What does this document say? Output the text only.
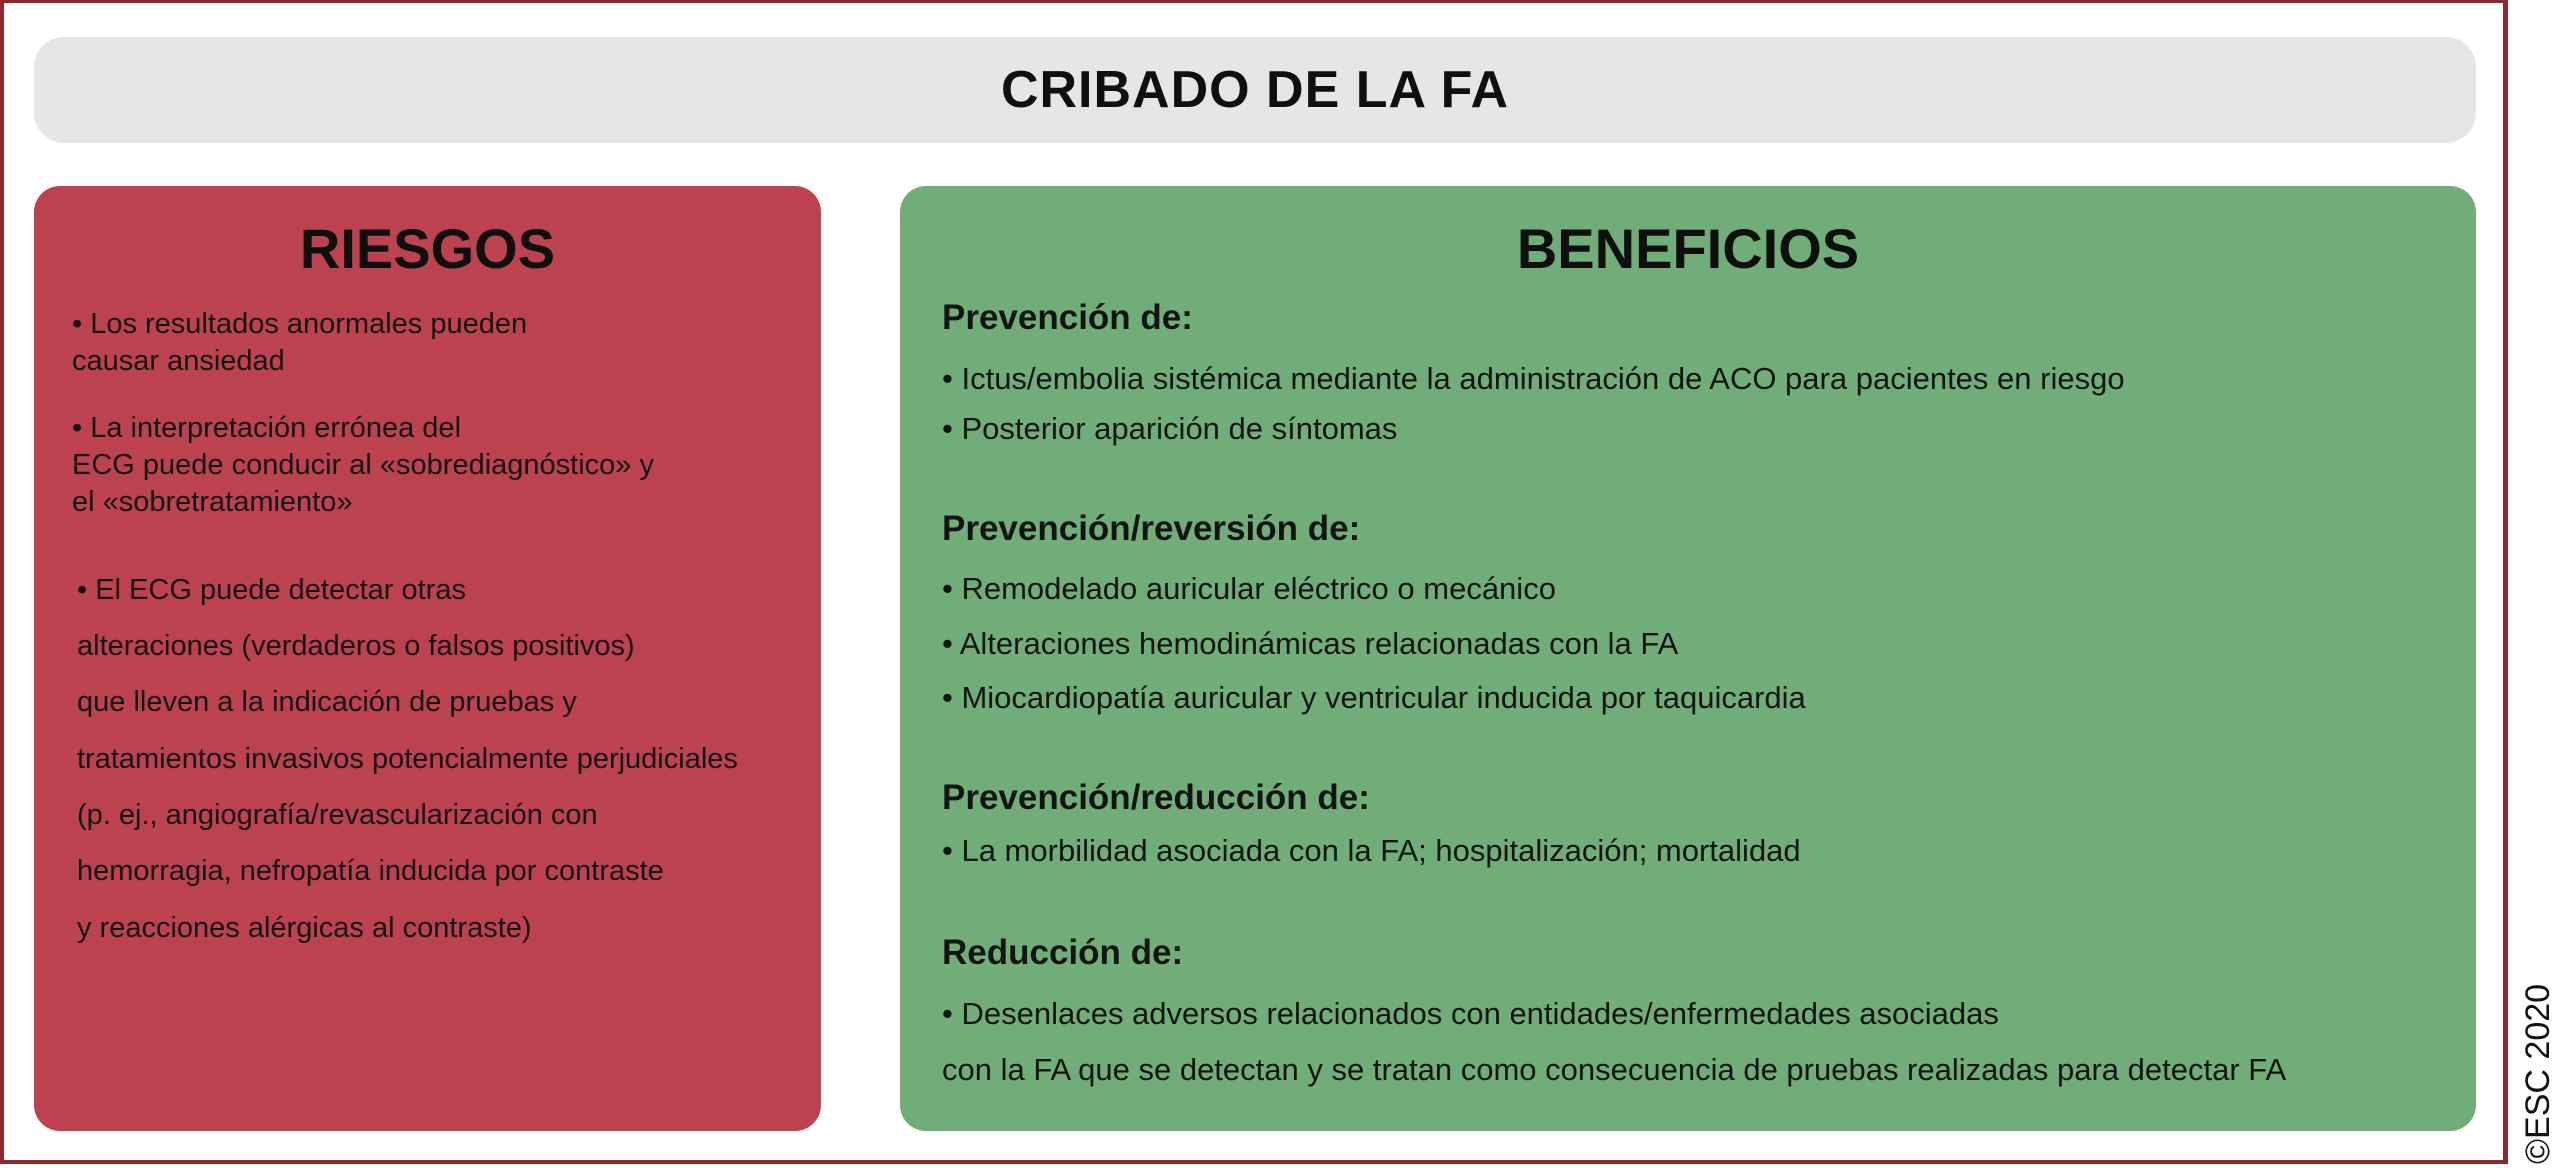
CRIBADO DE LA FA

RIESGOS

• Los resultados anormales pueden

causar ansiedad

• La interpretación errónea del

ECG puede conducir al «sobrediagnóstico» y

el «sobretratamiento»

• El ECG puede detectar otras

alteraciones (verdaderos o falsos positivos)

que lleven a la indicación de pruebas y

tratamientos invasivos potencialmente perjudiciales

(p. ej., angiografía/revascularización con

hemorragia, nefropatía inducida por contraste

y reacciones alérgicas al contraste)

BENEFICIOS

Prevención de:

• Ictus/embolia sistémica mediante la administración de ACO para pacientes en riesgo

• Posterior aparición de síntomas

Prevención/reversión de:

• Remodelado auricular eléctrico o mecánico

• Alteraciones hemodinámicas relacionadas con la FA

• Miocardiopatía auricular y ventricular inducida por taquicardia

Prevención/reducción de:

• La morbilidad asociada con la FA; hospitalización; mortalidad

Reducción de:

• Desenlaces adversos relacionados con entidades/enfermedades asociadas

con la FA que se detectan y se tratan como consecuencia de pruebas realizadas para detectar FA	©ESC 2020
